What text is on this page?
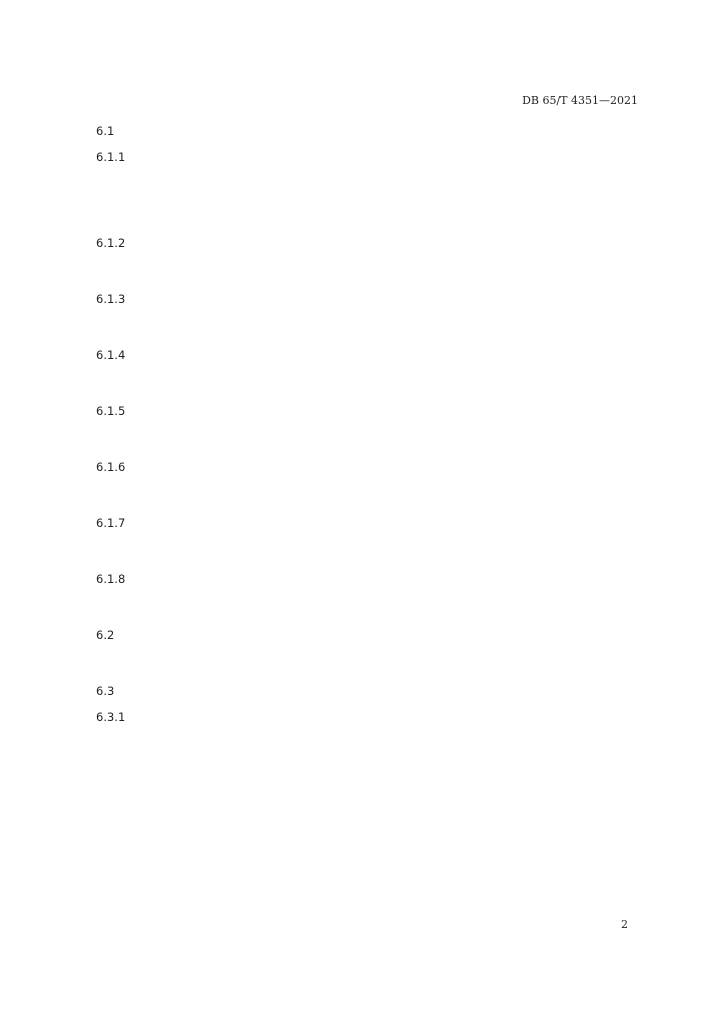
DB 65/T 4351—2021
6.1
6.1.1

6.1.2

6.1.3

6.1.4

6.1.5

6.1.6

6.1.7

6.1.8

6.2

6.3
6.3.1

2
